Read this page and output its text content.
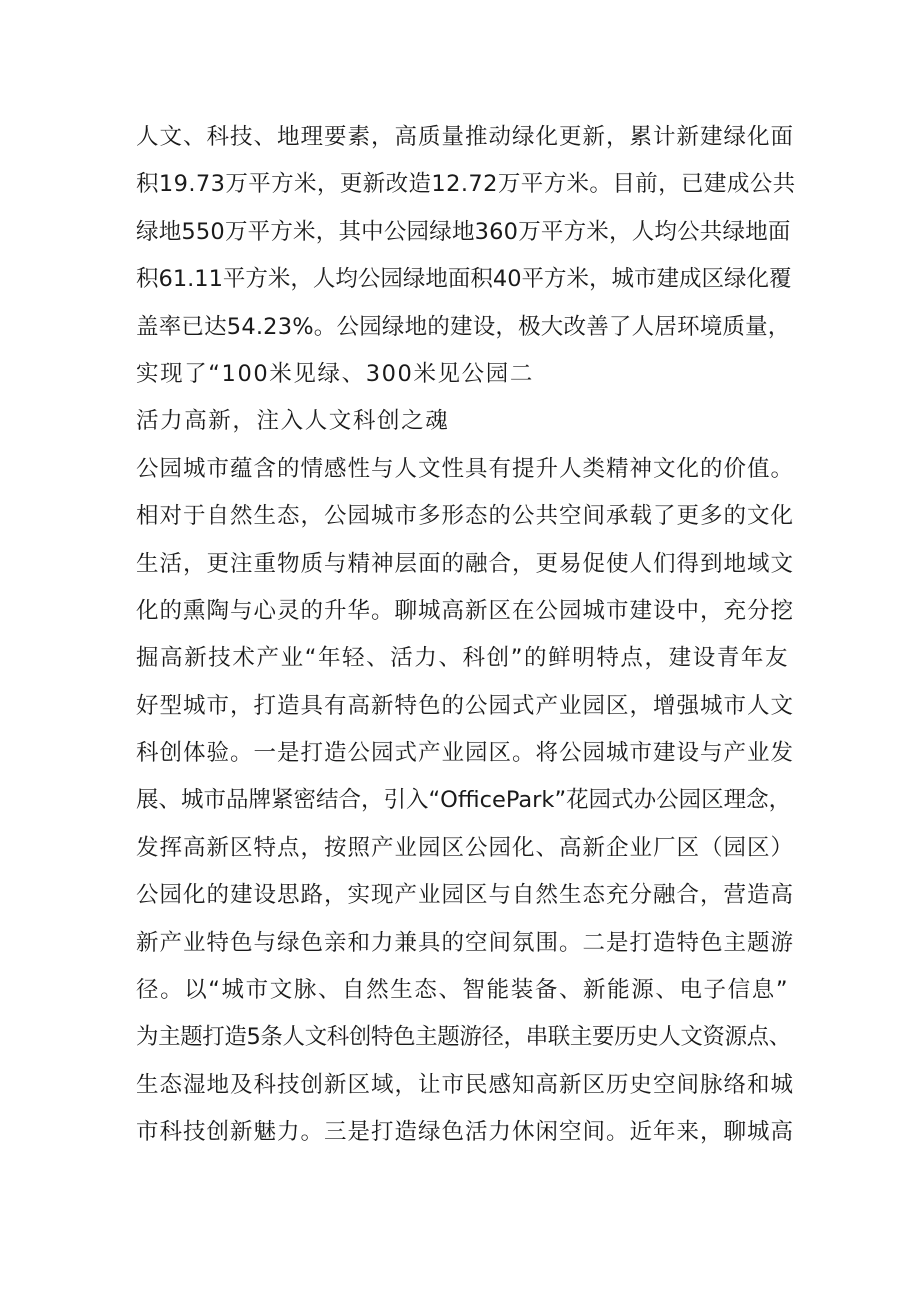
人文、科技、地理要素，高质量推动绿化更新，累计新建绿化面
积19.73万平方米，更新改造12.72万平方米。目前，已建成公共
绿地550万平方米，其中公园绿地360万平方米，人均公共绿地面
积61.11平方米，人均公园绿地面积40平方米，城市建成区绿化覆
盖率已达54.23%。公园绿地的建设，极大改善了人居环境质量，
实现了“100米见绿、300米见公园二
活力高新，注入人文科创之魂
公园城市蕴含的情感性与人文性具有提升人类精神文化的价值。
相对于自然生态，公园城市多形态的公共空间承载了更多的文化
生活，更注重物质与精神层面的融合，更易促使人们得到地域文
化的熏陶与心灵的升华。聊城高新区在公园城市建设中，充分挖
掘高新技术产业“年轻、活力、科创”的鲜明特点，建设青年友
好型城市，打造具有高新特色的公园式产业园区，增强城市人文
科创体验。一是打造公园式产业园区。将公园城市建设与产业发
展、城市品牌紧密结合，引入“OfficePark”花园式办公园区理念，
发挥高新区特点，按照产业园区公园化、高新企业厂区（园区）
公园化的建设思路，实现产业园区与自然生态充分融合，营造高
新产业特色与绿色亲和力兼具的空间氛围。二是打造特色主题游
径。以“城市文脉、自然生态、智能装备、新能源、电子信息”
为主题打造5条人文科创特色主题游径，串联主要历史人文资源点、
生态湿地及科技创新区域，让市民感知高新区历史空间脉络和城
市科技创新魅力。三是打造绿色活力休闲空间。近年来，聊城高
